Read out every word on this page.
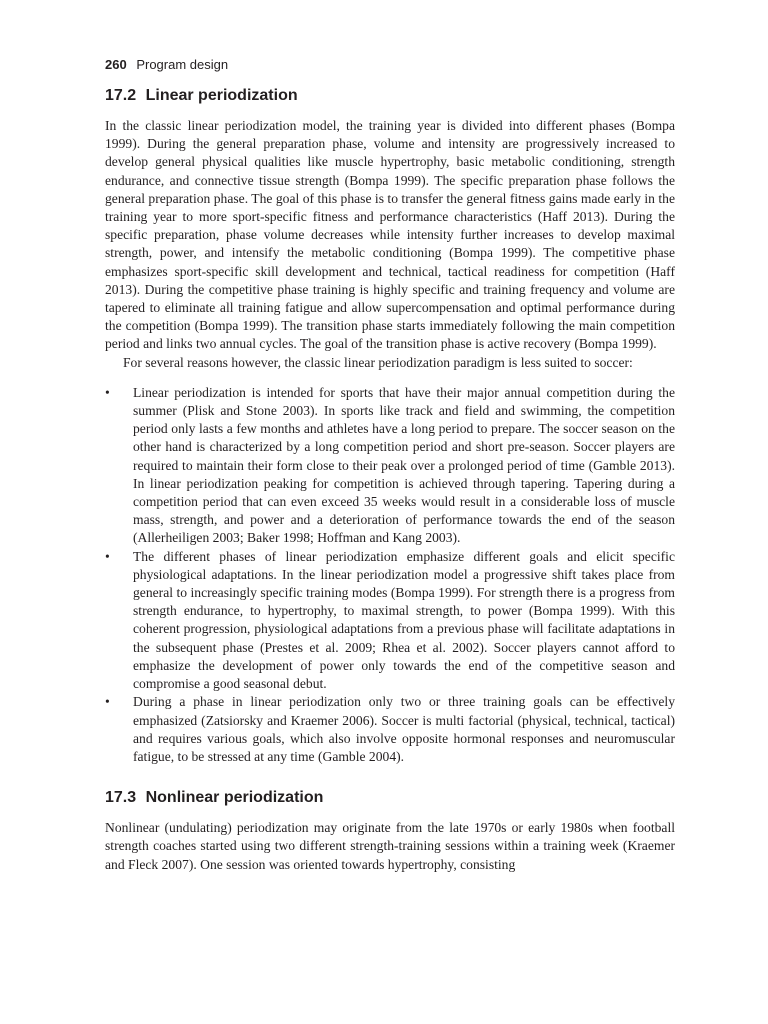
260 Program design
17.2 Linear periodization

In the classic linear periodization model, the training year is divided into different phases (Bompa 1999). During the general preparation phase, volume and intensity are progressively increased to develop general physical qualities like muscle hypertrophy, basic metabolic conditioning, strength endurance, and connective tissue strength (Bompa 1999). The specific preparation phase follows the general preparation phase. The goal of this phase is to transfer the general fitness gains made early in the training year to more sport-specific fitness and performance characteristics (Haff 2013). During the specific preparation, phase volume decreases while intensity further increases to develop maximal strength, power, and intensify the metabolic conditioning (Bompa 1999). The competitive phase emphasizes sport-specific skill development and technical, tactical readiness for competition (Haff 2013). During the competitive phase training is highly specific and training frequency and volume are tapered to eliminate all training fatigue and allow supercompensation and optimal performance during the competition (Bompa 1999). The transition phase starts immediately following the main competition period and links two annual cycles. The goal of the transition phase is active recovery (Bompa 1999).

For several reasons however, the classic linear periodization paradigm is less suited to soccer:

• Linear periodization is intended for sports that have their major annual competition during the summer (Plisk and Stone 2003). In sports like track and field and swimming, the competition period only lasts a few months and athletes have a long period to prepare. The soccer season on the other hand is characterized by a long competition period and short pre-season. Soccer players are required to maintain their form close to their peak over a prolonged period of time (Gamble 2013). In linear periodization peaking for competition is achieved through tapering. Tapering during a competition period that can even exceed 35 weeks would result in a considerable loss of muscle mass, strength, and power and a deterioration of performance towards the end of the season (Allerheiligen 2003; Baker 1998; Hoffman and Kang 2003).
• The different phases of linear periodization emphasize different goals and elicit specific physiological adaptations. In the linear periodization model a progressive shift takes place from general to increasingly specific training modes (Bompa 1999). For strength there is a progress from strength endurance, to hypertrophy, to maximal strength, to power (Bompa 1999). With this coherent progression, physiological adaptations from a previous phase will facilitate adaptations in the subsequent phase (Prestes et al. 2009; Rhea et al. 2002). Soccer players cannot afford to emphasize the development of power only towards the end of the competitive season and compromise a good seasonal debut.
• During a phase in linear periodization only two or three training goals can be effectively emphasized (Zatsiorsky and Kraemer 2006). Soccer is multi factorial (physical, technical, tactical) and requires various goals, which also involve opposite hormonal responses and neuromuscular fatigue, to be stressed at any time (Gamble 2004).
17.3 Nonlinear periodization

Nonlinear (undulating) periodization may originate from the late 1970s or early 1980s when football strength coaches started using two different strength-training sessions within a training week (Kraemer and Fleck 2007). One session was oriented towards hypertrophy, consisting
